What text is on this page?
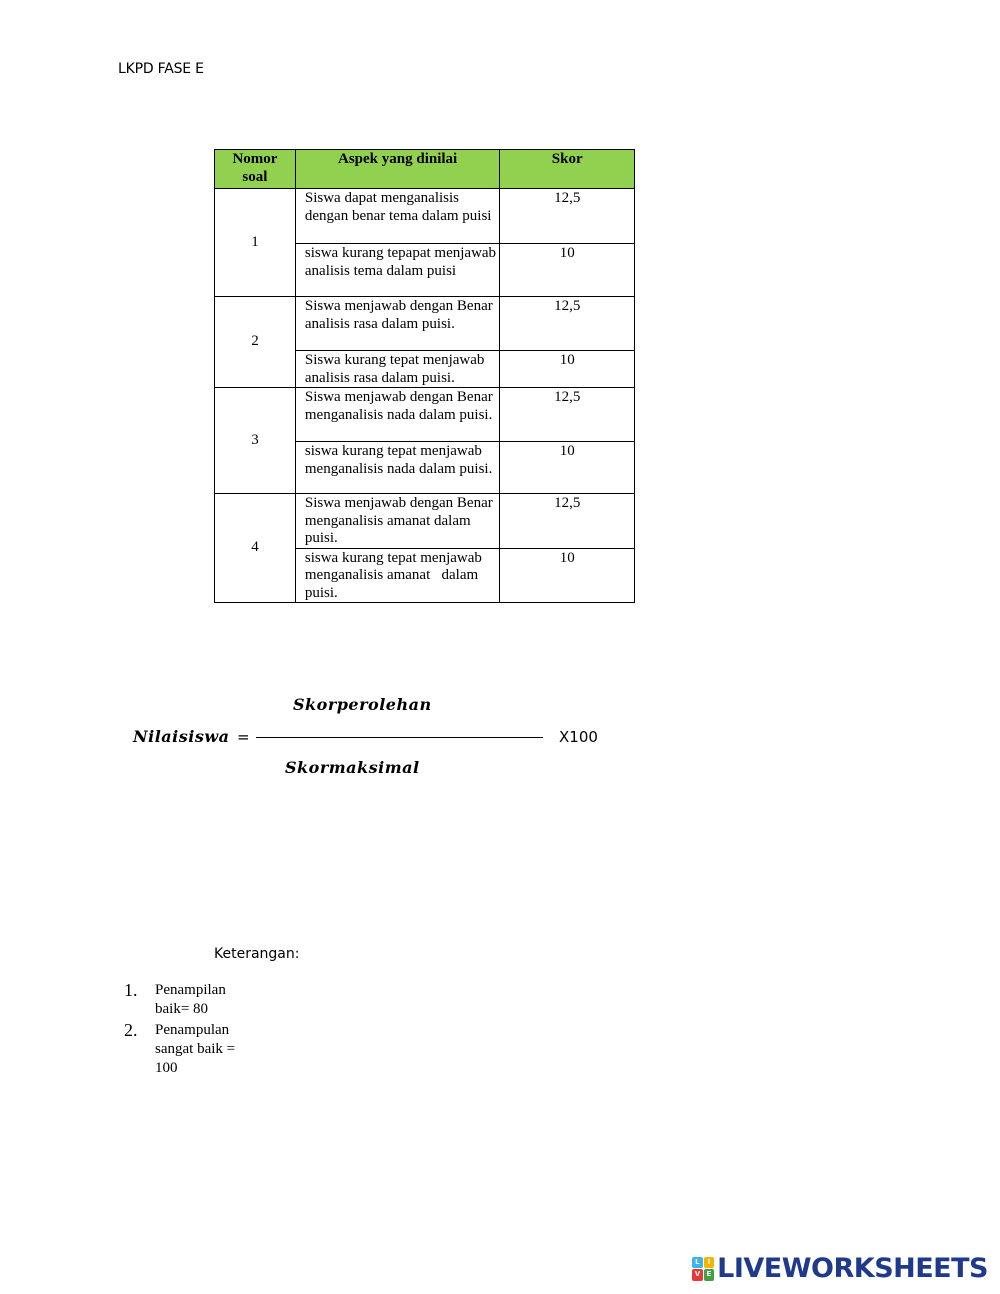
LKPD FASE E
Nomor soal	Aspek yang dinilai	Skor
1	Siswa dapat menganalisis dengan benar tema dalam puisi	12,5
	siswa kurang tepapat menjawab analisis tema dalam puisi	10
2	Siswa menjawab dengan Benar analisis rasa dalam puisi.	12,5
	Siswa kurang tepat menjawab analisis rasa dalam puisi.	10
3	Siswa menjawab dengan Benar menganalisis nada dalam puisi.	12,5
	siswa kurang tepat menjawab menganalisis nada dalam puisi.	10
4	Siswa menjawab dengan Benar menganalisis amanat dalam puisi.	12,5
	siswa kurang tepat menjawab menganalisis amanat   dalam puisi.	10
Skorperolehan
Nilaisiswa =	X100
Skormaksimal
Keterangan:
1. Penampilan baik= 80
2. Penampulan sangat baik = 100
L	I
V E LIVEWORKSHEETS
